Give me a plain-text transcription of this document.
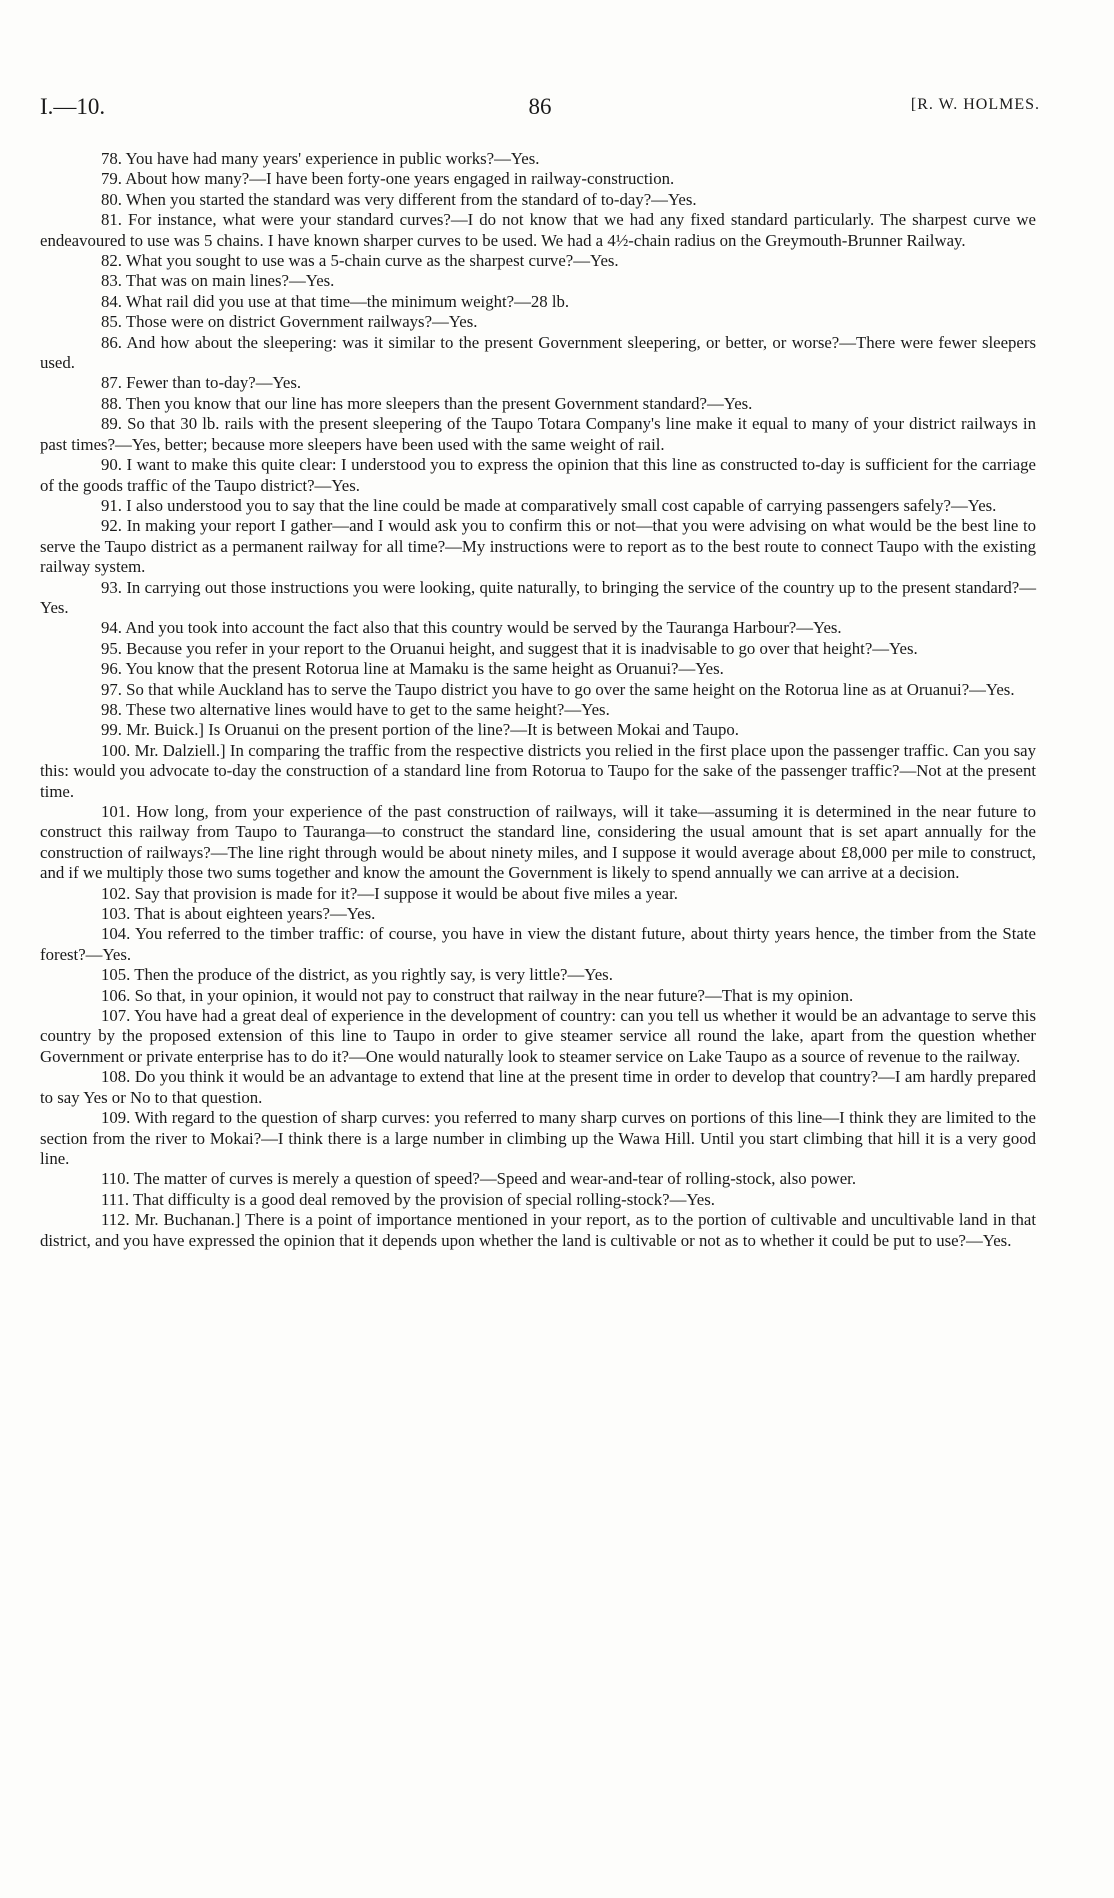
I.—10.	86	[R. W. HOLMES.

78. You have had many years' experience in public works?—Yes.

79. About how many?—I have been forty-one years engaged in railway-construction.

80. When you started the standard was very different from the standard of to-day?—Yes.

81. For instance, what were your standard curves?—I do not know that we had any fixed standard particularly. The sharpest curve we endeavoured to use was 5 chains. I have known sharper curves to be used. We had a 4½-chain radius on the Greymouth-Brunner Railway.

82. What you sought to use was a 5-chain curve as the sharpest curve?—Yes.

83. That was on main lines?—Yes.

84. What rail did you use at that time—the minimum weight?—28 lb.

85. Those were on district Government railways?—Yes.

86. And how about the sleepering: was it similar to the present Government sleepering, or better, or worse?—There were fewer sleepers used.

87. Fewer than to-day?—Yes.

88. Then you know that our line has more sleepers than the present Government standard?—Yes.

89. So that 30 lb. rails with the present sleepering of the Taupo Totara Company's line make it equal to many of your district railways in past times?—Yes, better; because more sleepers have been used with the same weight of rail.

90. I want to make this quite clear: I understood you to express the opinion that this line as constructed to-day is sufficient for the carriage of the goods traffic of the Taupo district?—Yes.

91. I also understood you to say that the line could be made at comparatively small cost capable of carrying passengers safely?—Yes.

92. In making your report I gather—and I would ask you to confirm this or not—that you were advising on what would be the best line to serve the Taupo district as a permanent railway for all time?—My instructions were to report as to the best route to connect Taupo with the existing railway system.

93. In carrying out those instructions you were looking, quite naturally, to bringing the service of the country up to the present standard?—Yes.

94. And you took into account the fact also that this country would be served by the Tauranga Harbour?—Yes.

95. Because you refer in your report to the Oruanui height, and suggest that it is inadvisable to go over that height?—Yes.

96. You know that the present Rotorua line at Mamaku is the same height as Oruanui?—Yes.

97. So that while Auckland has to serve the Taupo district you have to go over the same height on the Rotorua line as at Oruanui?—Yes.

98. These two alternative lines would have to get to the same height?—Yes.

99. Mr. Buick.] Is Oruanui on the present portion of the line?—It is between Mokai and Taupo.

100. Mr. Dalziell.] In comparing the traffic from the respective districts you relied in the first place upon the passenger traffic. Can you say this: would you advocate to-day the construction of a standard line from Rotorua to Taupo for the sake of the passenger traffic?—Not at the present time.

101. How long, from your experience of the past construction of railways, will it take—assuming it is determined in the near future to construct this railway from Taupo to Tauranga—to construct the standard line, considering the usual amount that is set apart annually for the construction of railways?—The line right through would be about ninety miles, and I suppose it would average about £8,000 per mile to construct, and if we multiply those two sums together and know the amount the Government is likely to spend annually we can arrive at a decision.

102. Say that provision is made for it?—I suppose it would be about five miles a year.

103. That is about eighteen years?—Yes.

104. You referred to the timber traffic: of course, you have in view the distant future, about thirty years hence, the timber from the State forest?—Yes.

105. Then the produce of the district, as you rightly say, is very little?—Yes.

106. So that, in your opinion, it would not pay to construct that railway in the near future?—That is my opinion.

107. You have had a great deal of experience in the development of country: can you tell us whether it would be an advantage to serve this country by the proposed extension of this line to Taupo in order to give steamer service all round the lake, apart from the question whether Government or private enterprise has to do it?—One would naturally look to steamer service on Lake Taupo as a source of revenue to the railway.

108. Do you think it would be an advantage to extend that line at the present time in order to develop that country?—I am hardly prepared to say Yes or No to that question.

109. With regard to the question of sharp curves: you referred to many sharp curves on portions of this line—I think they are limited to the section from the river to Mokai?—I think there is a large number in climbing up the Wawa Hill. Until you start climbing that hill it is a very good line.

110. The matter of curves is merely a question of speed?—Speed and wear-and-tear of rolling-stock, also power.

111. That difficulty is a good deal removed by the provision of special rolling-stock?—Yes.

112. Mr. Buchanan.] There is a point of importance mentioned in your report, as to the portion of cultivable and uncultivable land in that district, and you have expressed the opinion that it depends upon whether the land is cultivable or not as to whether it could be put to use?—Yes.
